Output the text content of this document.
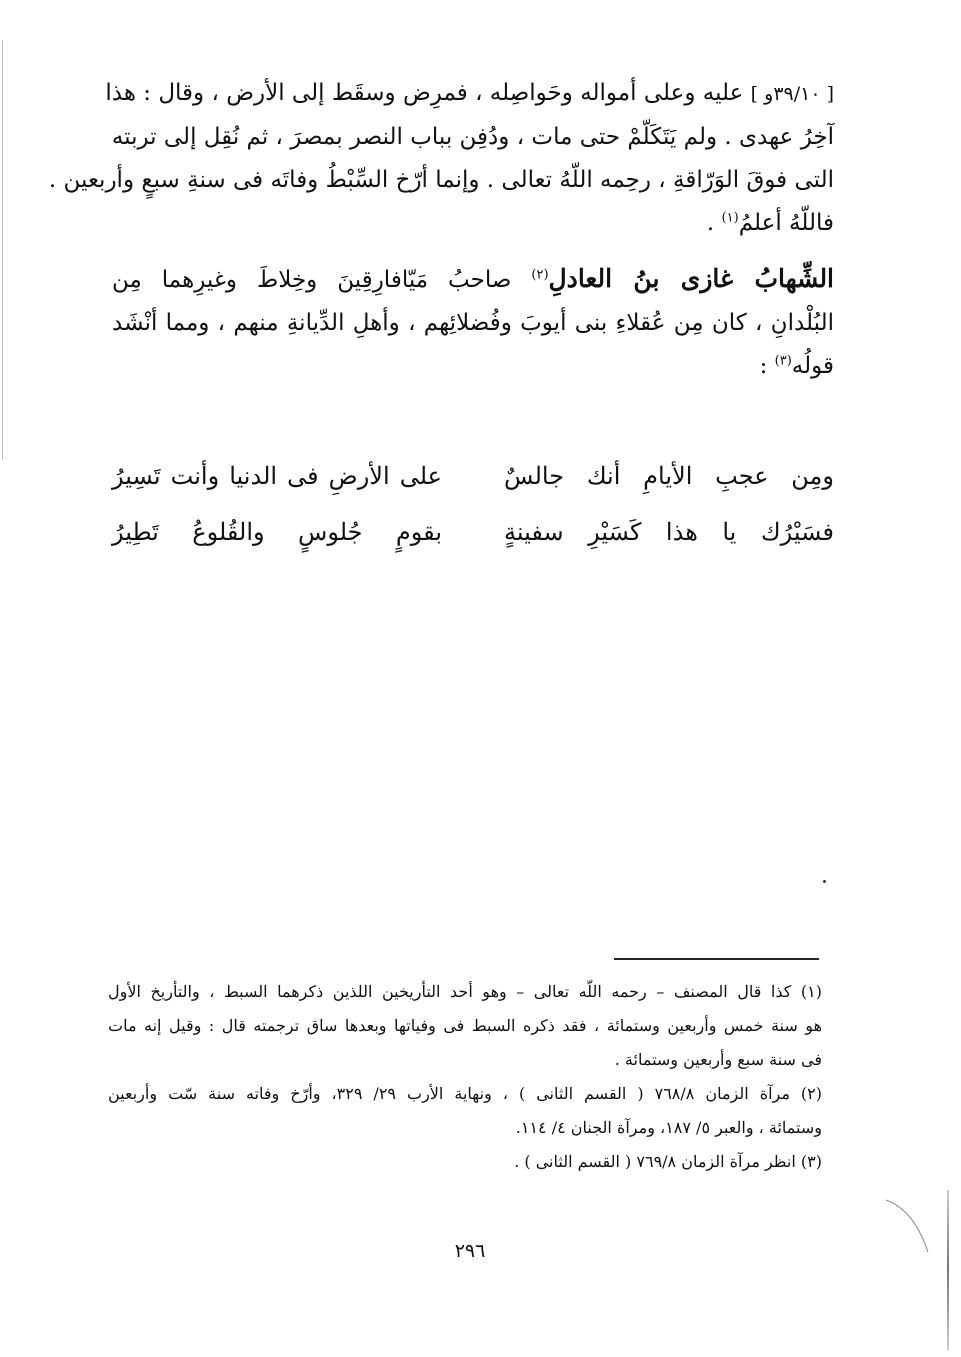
[ ٣٩/١٠و ] عليه وعلى أمواله وحَواصِله ، فمرِض وسقَط إلى الأرض ، وقال : هذا
آخِرُ عهدى . ولم يَتَكَلّمْ حتى مات ، ودُفِن بباب النصر بمصرَ ، ثم نُقِل إلى تربته
التى فوقَ الوَرّاقةِ ، رحِمه اللّهُ تعالى . وإنما أرّخ السِّبْطُ وفاتَه فى سنةِ سبعٍ وأربعين .
فاللّهُ أعلمُ$^{(١)}$ .
الشِّهابُ غازى بنُ العادلِ$^{(٢)}$ صاحبُ مَيّافارِقِينَ وخِلاطَ وغيرِهما مِن
البُلْدانِ ، كان مِن عُقلاءِ بنى أيوبَ وفُضلائِهم ، وأهلِ الدِّيانةِ منهم ، ومما أنْشَد
قولُه$^{(٣)}$ :
ومِن عجبِ الأيامِ أنك جالسٌ
على الأرضِ فى الدنيا وأنت تَسِيرُ
فسَيْرُك يا هذا كَسَيْرِ سفينةٍ
بقومٍ جُلوسٍ والقُلوعُ تَطِيرُ
(١) كذا قال المصنف – رحمه اللّه تعالى – وهو أحد التأريخين اللذين ذكرهما السبط ، والتأريخ الأول
هو سنة خمس وأربعين وستمائة ، فقد ذكره السبط فى وفياتها وبعدها ساق ترجمته قال : وقيل إنه مات
فى سنة سبع وأربعين وستمائة .
(٢) مرآة الزمان ٧٦٨/٨ ( القسم الثانى ) ، ونهاية الأرب ٢٩/ ٣٢٩، وأرّخ وفاته سنة سّت وأربعين
وستمائة ، والعبر ٥/ ١٨٧، ومرآة الجنان ٤/ ١١٤.
(٣) انظر مرآة الزمان ٧٦٩/٨ ( القسم الثانى ) .
٢٩٦
